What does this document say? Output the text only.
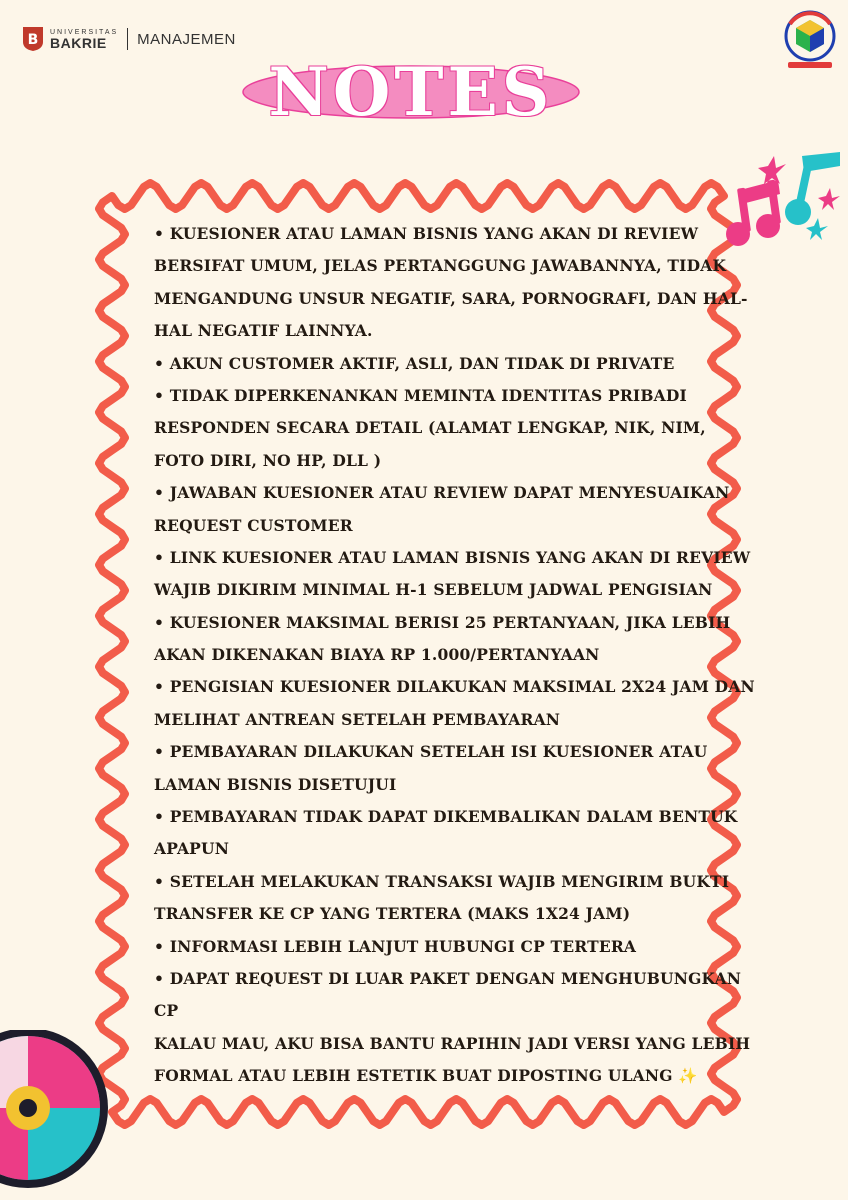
B UNIVERSITAS
BAKRIE	MANAJEMEN
NOTES
• KUESIONER ATAU LAMAN BISNIS YANG AKAN DI REVIEW
BERSIFAT UMUM, JELAS PERTANGGUNG JAWABANNYA, TIDAK
MENGANDUNG UNSUR NEGATIF, SARA, PORNOGRAFI, DAN HAL-
HAL NEGATIF LAINNYA.
• AKUN CUSTOMER AKTIF, ASLI, DAN TIDAK DI PRIVATE
• TIDAK DIPERKENANKAN MEMINTA IDENTITAS PRIBADI
RESPONDEN SECARA DETAIL (ALAMAT LENGKAP, NIK, NIM,
FOTO DIRI, NO HP, DLL )
• JAWABAN KUESIONER ATAU REVIEW DAPAT MENYESUAIKAN
REQUEST CUSTOMER
• LINK KUESIONER ATAU LAMAN BISNIS YANG AKAN DI REVIEW
WAJIB DIKIRIM MINIMAL H-1 SEBELUM JADWAL PENGISIAN
• KUESIONER MAKSIMAL BERISI 25 PERTANYAAN, JIKA LEBIH
AKAN DIKENAKAN BIAYA RP 1.000/PERTANYAAN
• PENGISIAN KUESIONER DILAKUKAN MAKSIMAL 2X24 JAM DAN
MELIHAT ANTREAN SETELAH PEMBAYARAN
• PEMBAYARAN DILAKUKAN SETELAH ISI KUESIONER ATAU
LAMAN BISNIS DISETUJUI
• PEMBAYARAN TIDAK DAPAT DIKEMBALIKAN DALAM BENTUK
APAPUN
• SETELAH MELAKUKAN TRANSAKSI WAJIB MENGIRIM BUKTI
TRANSFER KE CP YANG TERTERA (MAKS 1X24 JAM)
• INFORMASI LEBIH LANJUT HUBUNGI CP TERTERA
• DAPAT REQUEST DI LUAR PAKET DENGAN MENGHUBUNGKAN
CP
KALAU MAU, AKU BISA BANTU RAPIHIN JADI VERSI YANG LEBIH
FORMAL ATAU LEBIH ESTETIK BUAT DIPOSTING ULANG ✨
